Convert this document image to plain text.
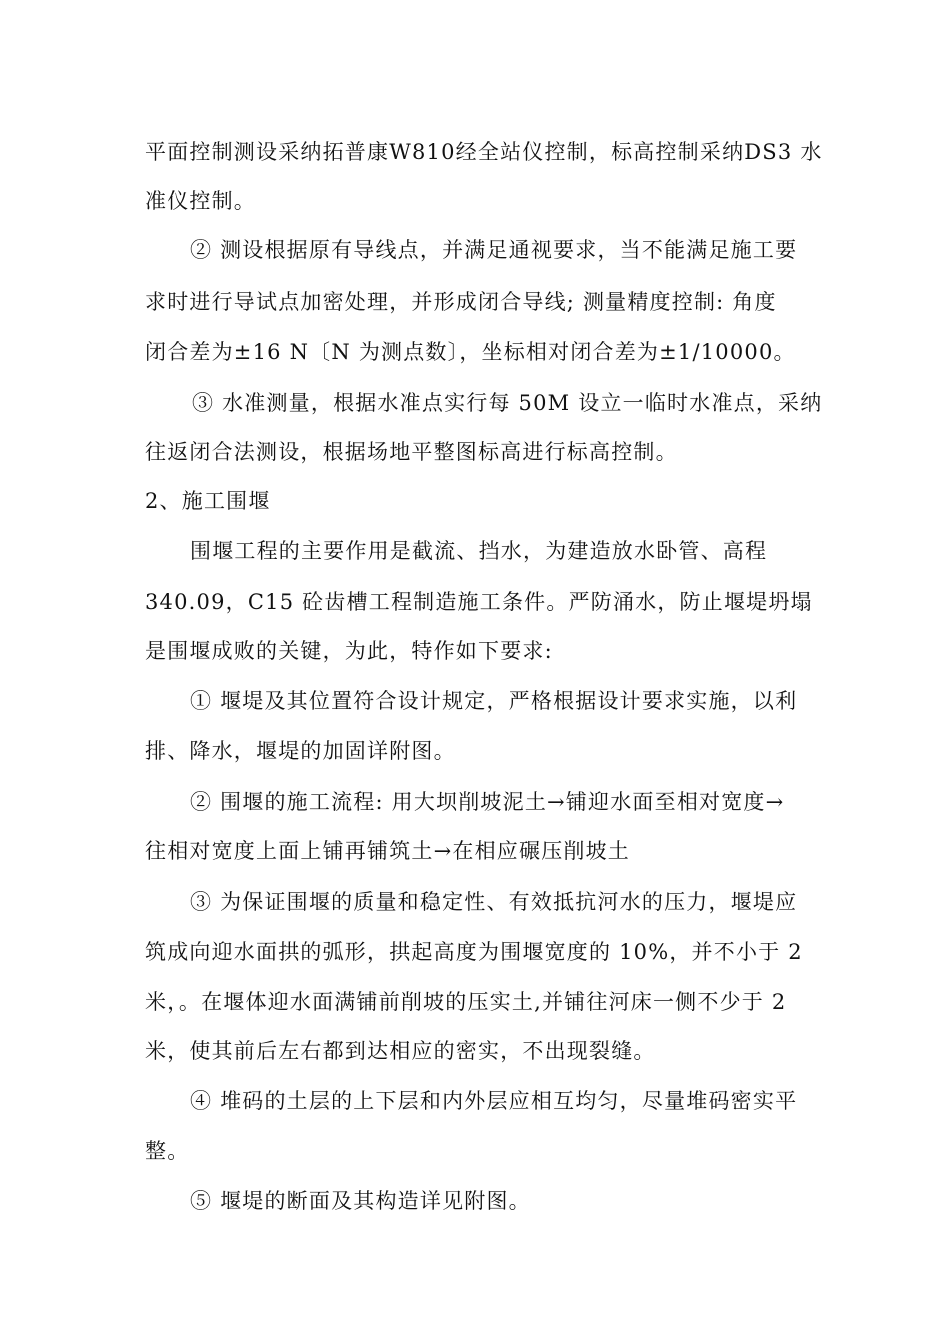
平面控制测设采纳拓普康W810经全站仪控制，标高控制采纳DS3 水
准仪控制。
② 测设根据原有导线点，并满足通视要求，当不能满足施工要
求时进行导试点加密处理，并形成闭合导线; 测量精度控制: 角度
闭合差为±16 N〔N 为测点数〕，坐标相对闭合差为±1/10000。
③ 水准测量，根据水准点实行每 50M 设立一临时水准点，采纳
往返闭合法测设，根据场地平整图标高进行标高控制。
2、施工围堰
围堰工程的主要作用是截流、挡水，为建造放水卧管、高程
340.09，C15 砼齿槽工程制造施工条件。严防涌水，防止堰堤坍塌
是围堰成败的关键，为此，特作如下要求:
① 堰堤及其位置符合设计规定，严格根据设计要求实施，以利
排、降水，堰堤的加固详附图。
② 围堰的施工流程: 用大坝削坡泥土→铺迎水面至相对宽度→
往相对宽度上面上铺再铺筑土→在相应碾压削坡土
③ 为保证围堰的质量和稳定性、有效抵抗河水的压力，堰堤应
筑成向迎水面拱的弧形，拱起高度为围堰宽度的 10%，并不小于 2
米，。在堰体迎水面满铺前削坡的压实土,并铺往河床一侧不少于 2
米，使其前后左右都到达相应的密实，不出现裂缝。
④ 堆码的土层的上下层和内外层应相互均匀，尽量堆码密实平
整。
⑤ 堰堤的断面及其构造详见附图。
